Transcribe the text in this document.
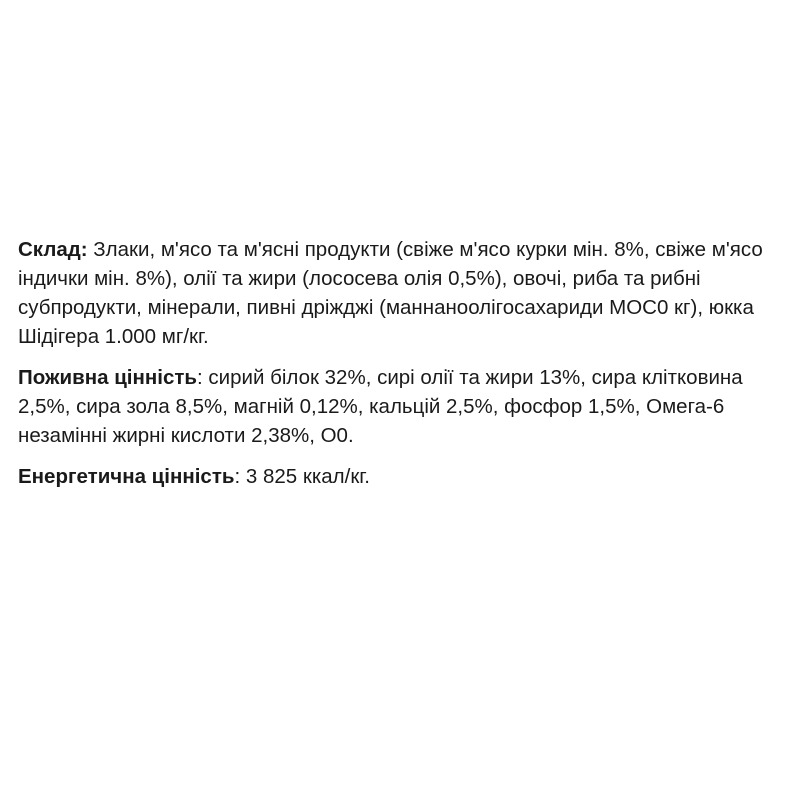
Склад: Злаки, м'ясо та м'ясні продукти (свіже м'ясо курки мін. 8%, свіже м'ясо індички мін. 8%), олії та жири (лососева олія 0,5%), овочі, риба та рибні субпродукти, мінерали, пивні дріжджі (маннаноолігосахариди МОС0 кг), юкка Шідігера 1.000 мг/кг.

Поживна цінність: сирий білок 32%, сирі олії та жири 13%, сира клітковина 2,5%, сира зола 8,5%, магній 0,12%, кальцій 2,5%, фосфор 1,5%, Омега-6 незамінні жирні кислоти 2,38%, О0.

Енергетична цінність: 3 825 ккал/кг.
